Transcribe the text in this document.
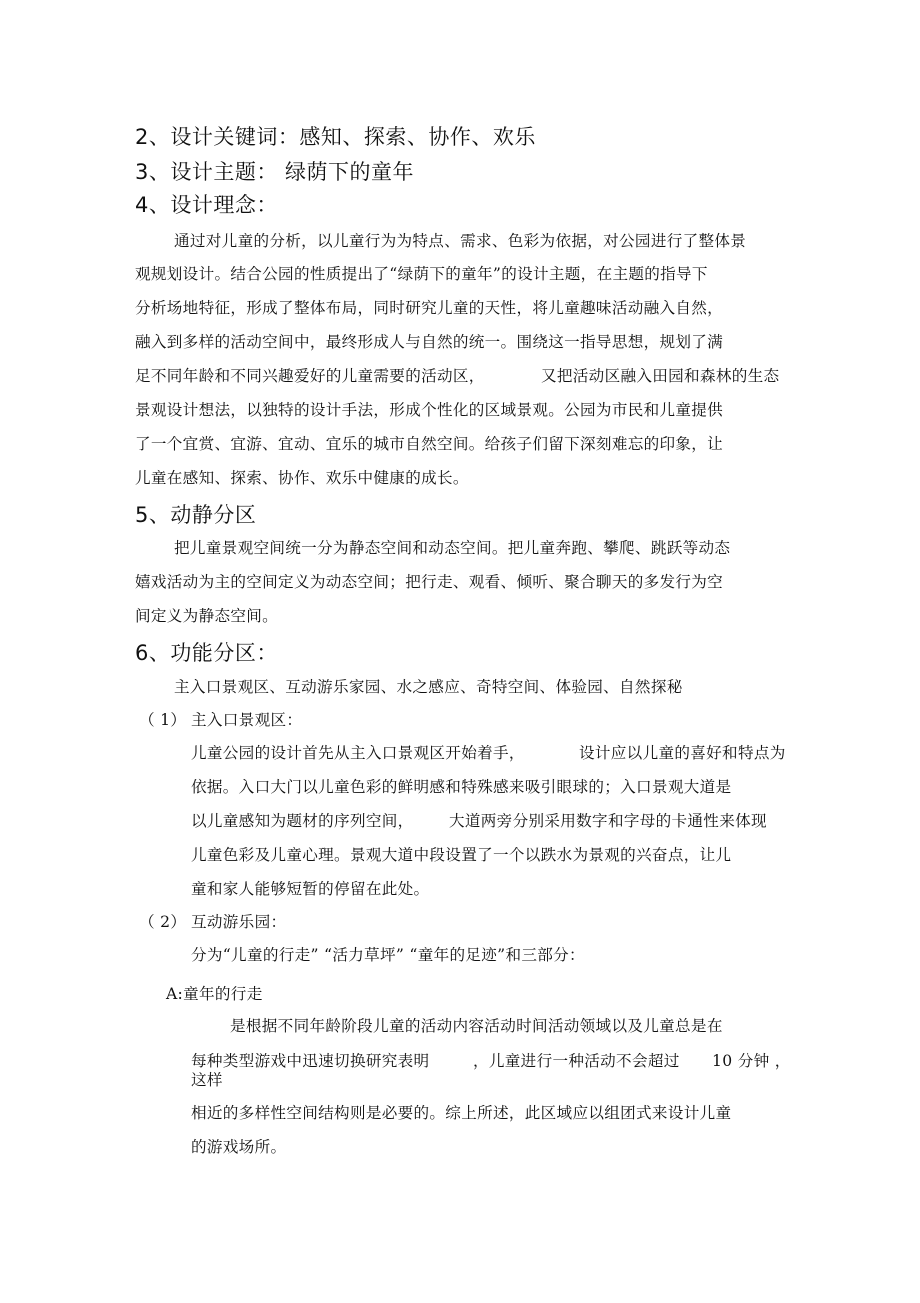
2、设计关键词：感知、探索、协作、欢乐
3、设计主题： 绿荫下的童年
4、设计理念：
通过对儿童的分析，以儿童行为为特点、需求、色彩为依据，对公园进行了整体景
观规划设计。结合公园的性质提出了“绿荫下的童年”的设计主题，在主题的指导下
分析场地特征，形成了整体布局，同时研究儿童的天性，将儿童趣味活动融入自然，
融入到多样的活动空间中，最终形成人与自然的统一。围绕这一指导思想，规划了满
足不同年龄和不同兴趣爱好的儿童需要的活动区，	又把活动区融入田园和森林的生态
景观设计想法，以独特的设计手法，形成个性化的区域景观。公园为市民和儿童提供
了一个宜赏、宜游、宜动、宜乐的城市自然空间。给孩子们留下深刻难忘的印象，让
儿童在感知、探索、协作、欢乐中健康的成长。
5、动静分区
把儿童景观空间统一分为静态空间和动态空间。把儿童奔跑、攀爬、跳跃等动态
嬉戏活动为主的空间定义为动态空间；把行走、观看、倾听、聚合聊天的多发行为空
间定义为静态空间。
6、功能分区：
主入口景观区、互动游乐家园、水之感应、奇特空间、体验园、自然探秘
（ 1） 主入口景观区：
儿童公园的设计首先从主入口景观区开始着手，	设计应以儿童的喜好和特点为
依据。入口大门以儿童色彩的鲜明感和特殊感来吸引眼球的；入口景观大道是
以儿童感知为题材的序列空间， 大道两旁分别采用数字和字母的卡通性来体现
儿童色彩及儿童心理。景观大道中段设置了一个以跌水为景观的兴奋点，让儿
童和家人能够短暂的停留在此处。
（ 2） 互动游乐园：
分为“儿童的行走” “活力草坪” “童年的足迹”和三部分：
A:童年的行走
是根据不同年龄阶段儿童的活动内容活动时间活动领域以及儿童总是在
每种类型游戏中迅速切换研究表明	，儿童进行一种活动不会超过 10 分钟 ，
这样
相近的多样性空间结构则是必要的。综上所述，此区域应以组团式来设计儿童
的游戏场所。
